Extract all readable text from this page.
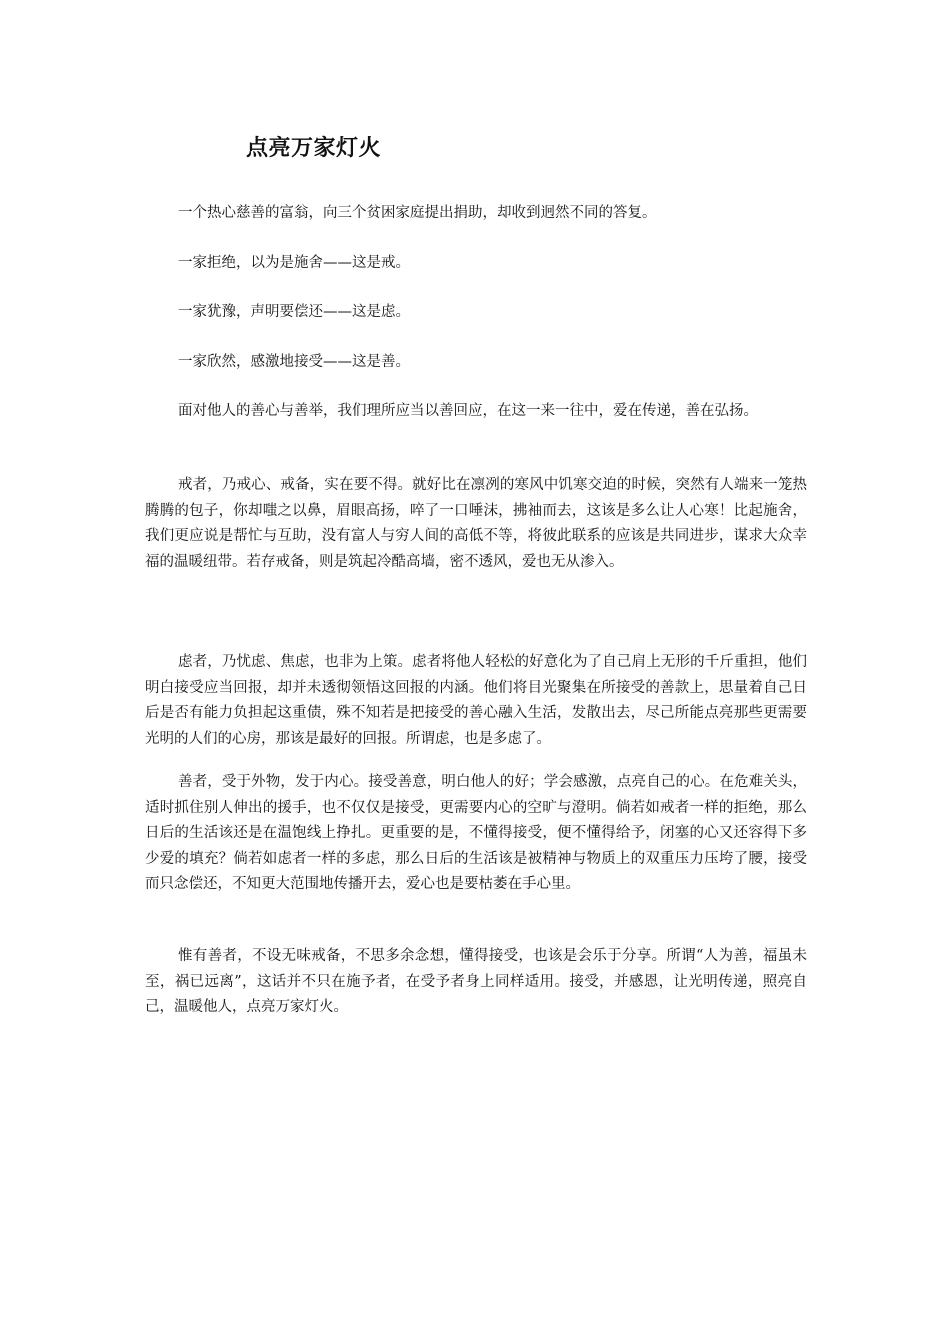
点亮万家灯火

一个热心慈善的富翁，向三个贫困家庭提出捐助，却收到迥然不同的答复。

一家拒绝，以为是施舍——这是戒。

一家犹豫，声明要偿还——这是虑。

一家欣然，感激地接受——这是善。

面对他人的善心与善举，我们理所应当以善回应，在这一来一往中，爱在传递，善在弘扬。

戒者，乃戒心、戒备，实在要不得。就好比在凛冽的寒风中饥寒交迫的时候，突然有人端来一笼热腾腾的包子，你却嗤之以鼻，眉眼高扬，啐了一口唾沫，拂袖而去，这该是多么让人心寒！比起施舍，我们更应说是帮忙与互助，没有富人与穷人间的高低不等，将彼此联系的应该是共同进步，谋求大众幸福的温暖纽带。若存戒备，则是筑起冷酷高墙，密不透风，爱也无从渗入。

虑者，乃忧虑、焦虑，也非为上策。虑者将他人轻松的好意化为了自己肩上无形的千斤重担，他们明白接受应当回报，却并未透彻领悟这回报的内涵。他们将目光聚集在所接受的善款上，思量着自己日后是否有能力负担起这重债，殊不知若是把接受的善心融入生活，发散出去，尽己所能点亮那些更需要光明的人们的心房，那该是最好的回报。所谓虑，也是多虑了。

善者，受于外物，发于内心。接受善意，明白他人的好；学会感激，点亮自己的心。在危难关头，适时抓住别人伸出的援手，也不仅仅是接受，更需要内心的空旷与澄明。倘若如戒者一样的拒绝，那么日后的生活该还是在温饱线上挣扎。更重要的是，不懂得接受，便不懂得给予，闭塞的心又还容得下多少爱的填充？倘若如虑者一样的多虑，那么日后的生活该是被精神与物质上的双重压力压垮了腰，接受而只念偿还，不知更大范围地传播开去，爱心也是要枯萎在手心里。

惟有善者，不设无味戒备，不思多余念想，懂得接受，也该是会乐于分享。所谓“人为善，福虽未至，祸已远离”，这话并不只在施予者，在受予者身上同样适用。接受，并感恩，让光明传递，照亮自己，温暖他人，点亮万家灯火。
